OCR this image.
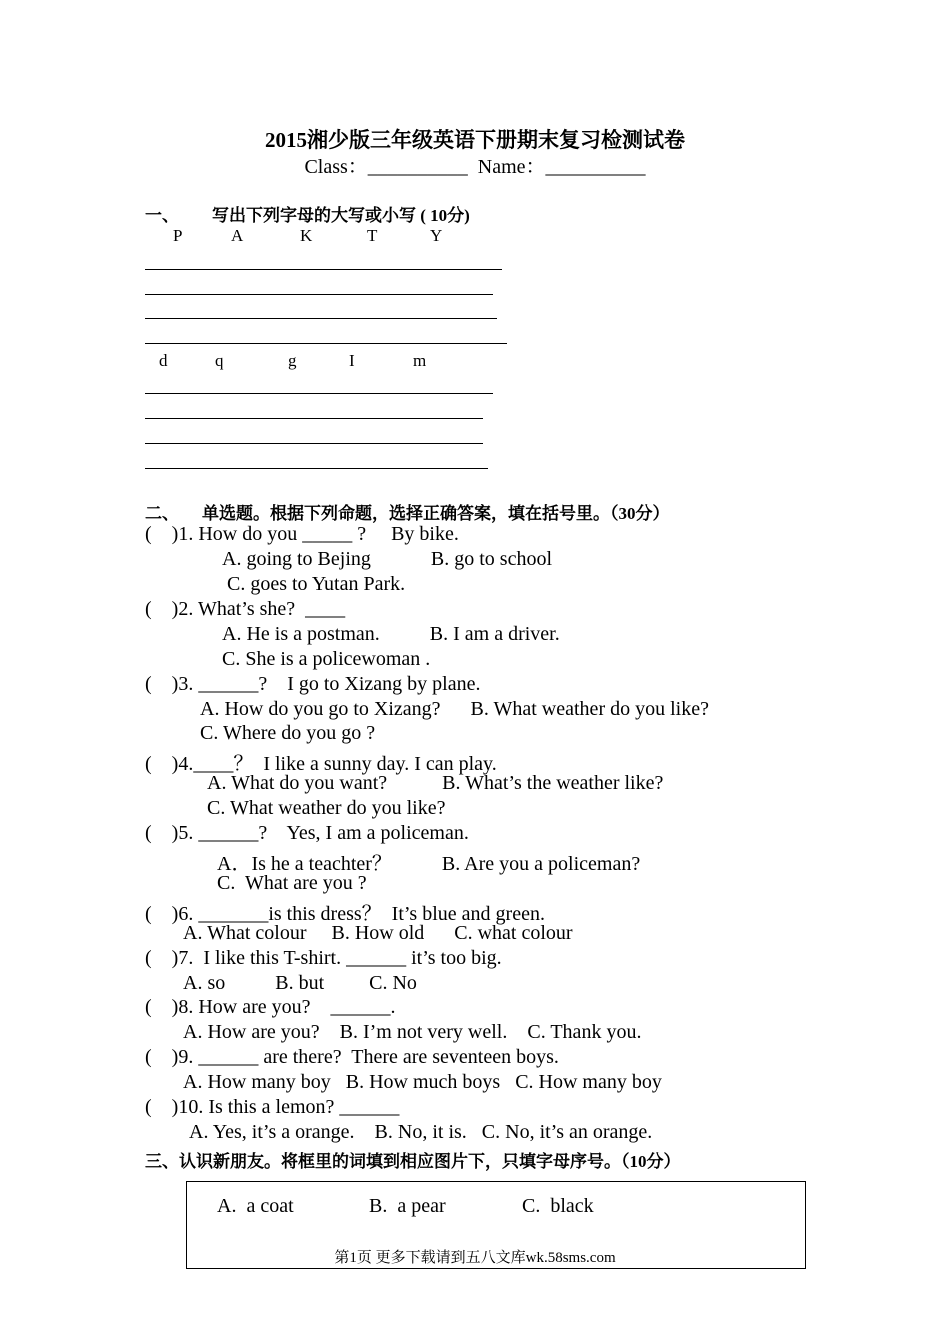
2015湘少版三年级英语下册期末复习检测试卷
Class：__________  Name：__________
一、 写出下列字母的大写或小写 ( 10分)
P	A	K	T	Y
d	q	g	I	m
二、 单选题。根据下列命题，选择正确答案，填在括号里。（30分）
(    )1. How do you _____ ?     By bike.
A. going to Bejing            B. go to school
C. goes to Yutan Park.
(    )2. What’s she?  ____
A. He is a postman.          B. I am a driver.
C. She is a policewoman .
(    )3. ______?    I go to Xizang by plane.
A. How do you go to Xizang?      B. What weather do you like?
C. Where do you go ?
(    )4.____？  I like a sunny day. I can play.
A. What do you want?           B. What’s the weather like?
C. What weather do you like?
(    )5. ______?    Yes, I am a policeman.
A．Is he a teachter？          B. Are you a policeman?
C.  What are you ?
(    )6. _______is this dress？  It’s blue and green.
A. What colour     B. How old      C. what colour
(    )7.  I like this T-shirt. ______ it’s too big.
A. so          B. but         C. No
(    )8. How are you?    ______.
A. How are you?    B. I’m not very well.    C. Thank you.
(    )9. ______ are there?  There are seventeen boys.
A. How many boy   B. How much boys   C. How many boy
(    )10. Is this a lemon? ______
A. Yes, it’s a orange.    B. No, it is.   C. No, it’s an orange.
三、认识新朋友。将框里的词填到相应图片下，只填字母序号。（10分）
A.  a coat	B.  a pear	C.  black
第1页 更多下载请到五八文库wk.58sms.com
